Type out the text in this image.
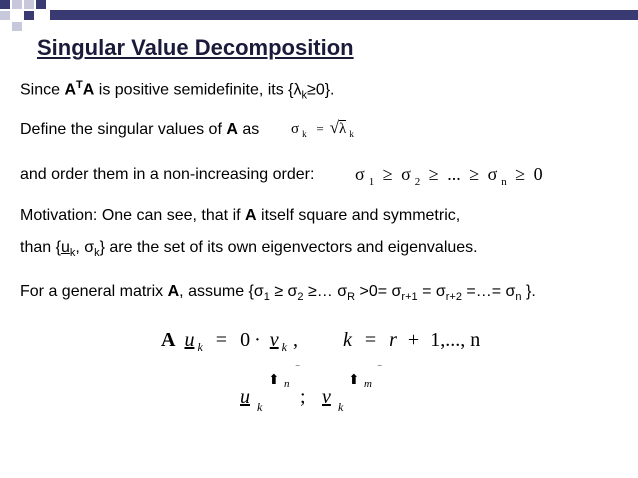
Singular Value Decomposition
Since $A^TA$ is positive semidefinite, its $\{\lambda_k\ge 0\}$.
Define the singular values of A as σ $_k$ = √λ $_k$
and order them in a non-increasing order: σ $_1$ ≥ σ $_2$ ≥ ... ≥ σ $_n$ ≥ 0
Motivation: One can see, that if A itself square and symmetric,
than {$u_k$, $\sigma_k$} are the set of its own eigenvectors and eigenvalues.
For a general matrix A, assume {$\sigma_1 \ge \sigma_2$ ≥… $\sigma_R >0= \sigma_{r+1} = \sigma_{r+2}$ =…= $\sigma_n$ }.
A u $_k$ = 0 · v $_k$ , k = r + 1,..., n
u k
⬆ n
‾
; v k
⬆ m
‾
